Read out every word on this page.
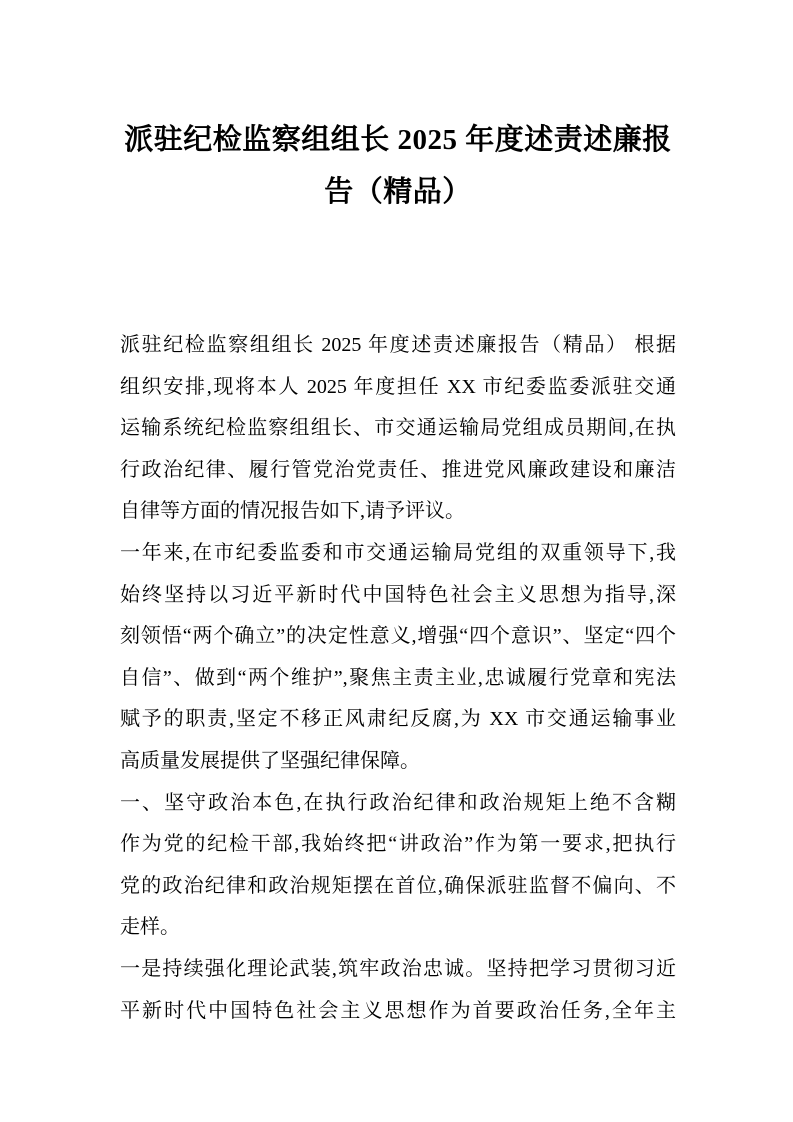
派驻纪检监察组组长 2025 年度述责述廉报
告（精品）
派驻纪检监察组组长 2025 年度述责述廉报告（精品） 根据
组织安排,现将本人 2025 年度担任 XX 市纪委监委派驻交通
运输系统纪检监察组组长、市交通运输局党组成员期间,在执
行政治纪律、履行管党治党责任、推进党风廉政建设和廉洁
自律等方面的情况报告如下,请予评议。
一年来,在市纪委监委和市交通运输局党组的双重领导下,我
始终坚持以习近平新时代中国特色社会主义思想为指导,深
刻领悟“两个确立”的决定性意义,增强“四个意识”、坚定“四个
自信”、做到“两个维护”,聚焦主责主业,忠诚履行党章和宪法
赋予的职责,坚定不移正风肃纪反腐,为 XX 市交通运输事业
高质量发展提供了坚强纪律保障。
一、坚守政治本色,在执行政治纪律和政治规矩上绝不含糊
作为党的纪检干部,我始终把“讲政治”作为第一要求,把执行
党的政治纪律和政治规矩摆在首位,确保派驻监督不偏向、不
走样。
一是持续强化理论武装,筑牢政治忠诚。坚持把学习贯彻习近
平新时代中国特色社会主义思想作为首要政治任务,全年主
